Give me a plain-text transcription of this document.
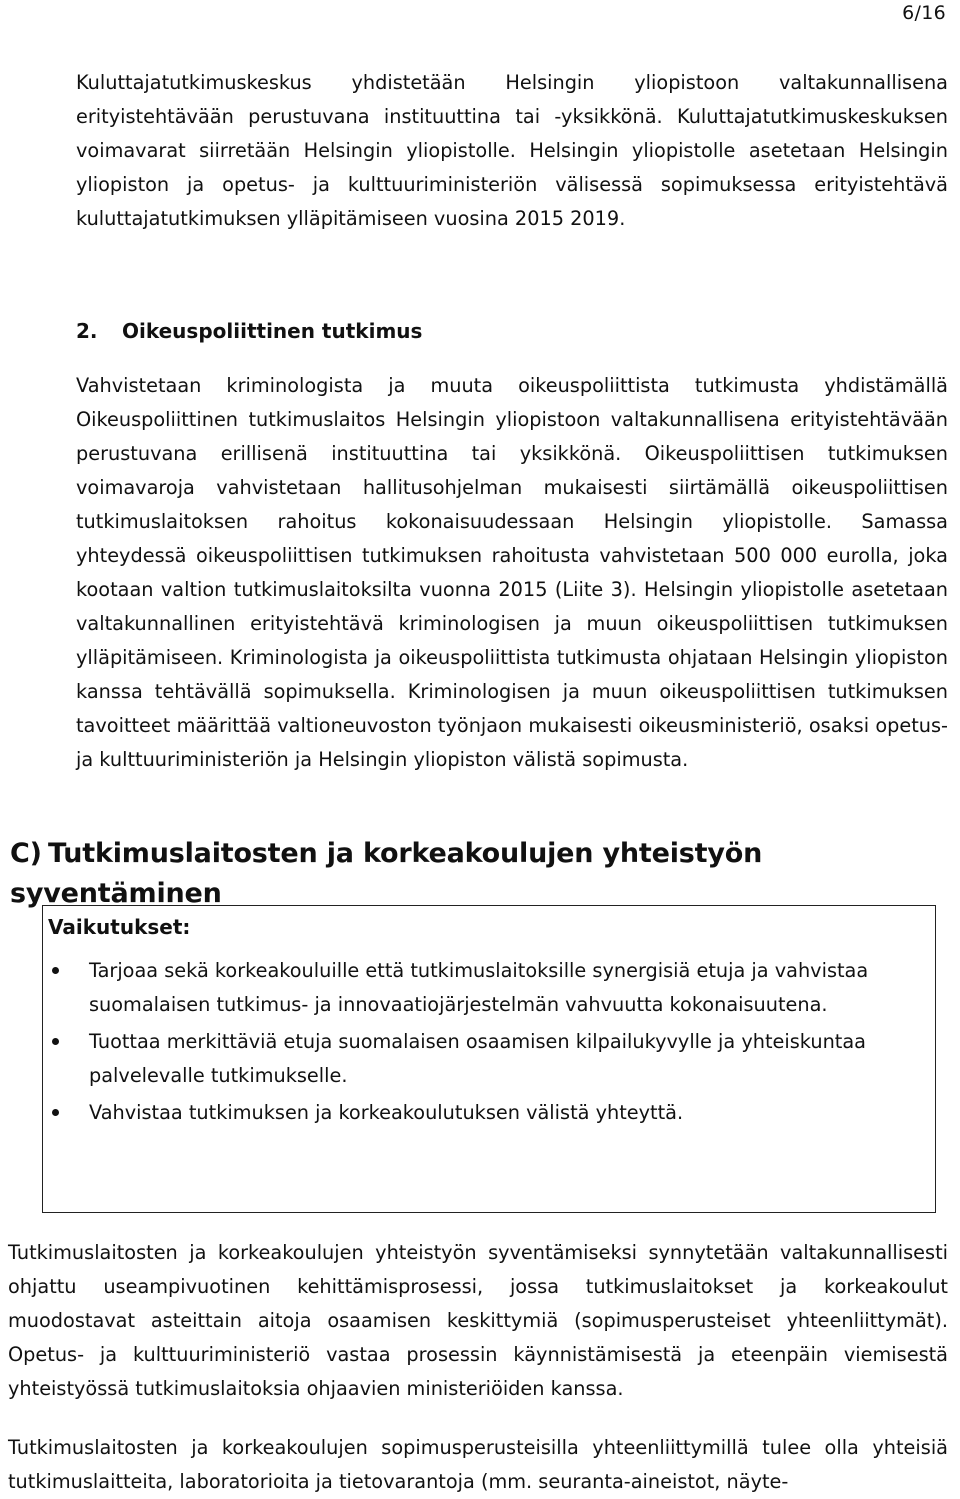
6/16

Kuluttajatutkimuskeskus yhdistetään Helsingin yliopistoon valtakunnallisena erityistehtävään perustuvana instituuttina tai -yksikkönä. Kuluttajatutkimuskeskuksen voimavarat siirretään Helsingin yliopistolle. Helsingin yliopistolle asetetaan Helsingin yliopiston ja opetus- ja kulttuuriministeriön välisessä sopimuksessa erityistehtävä kuluttajatutkimuksen ylläpitämiseen vuosina 2015 2019.

2. Oikeuspoliittinen tutkimus

Vahvistetaan kriminologista ja muuta oikeuspoliittista tutkimusta yhdistämällä Oikeuspoliittinen tutkimuslaitos Helsingin yliopistoon valtakunnallisena erityistehtävään perustuvana erillisenä instituuttina tai yksikkönä. Oikeuspoliittisen tutkimuksen voimavaroja vahvistetaan hallitusohjelman mukaisesti siirtämällä oikeuspoliittisen tutkimuslaitoksen rahoitus kokonaisuudessaan Helsingin yliopistolle. Samassa yhteydessä oikeuspoliittisen tutkimuksen rahoitusta vahvistetaan 500 000 eurolla, joka kootaan valtion tutkimuslaitoksilta vuonna 2015 (Liite 3). Helsingin yliopistolle asetetaan valtakunnallinen erityistehtävä kriminologisen ja muun oikeuspoliittisen tutkimuksen ylläpitämiseen. Kriminologista ja oikeuspoliittista tutkimusta ohjataan Helsingin yliopiston kanssa tehtävällä sopimuksella. Kriminologisen ja muun oikeuspoliittisen tutkimuksen tavoitteet määrittää valtioneuvoston työnjaon mukaisesti oikeusministeriö, osaksi opetus- ja kulttuuriministeriön ja Helsingin yliopiston välistä sopimusta.

C) Tutkimuslaitosten ja korkeakoulujen yhteistyön syventäminen
Vaikutukset:
Tarjoaa sekä korkeakouluille että tutkimuslaitoksille synergisiä etuja ja vahvistaa suomalaisen tutkimus- ja innovaatiojärjestelmän vahvuutta kokonaisuutena.
Tuottaa merkittäviä etuja suomalaisen osaamisen kilpailukyvylle ja yhteiskuntaa palvelevalle tutkimukselle.
Vahvistaa tutkimuksen ja korkeakoulutuksen välistä yhteyttä.

Tutkimuslaitosten ja korkeakoulujen yhteistyön syventämiseksi synnytetään valtakunnallisesti ohjattu useampivuotinen kehittämisprosessi, jossa tutkimuslaitokset ja korkeakoulut muodostavat asteittain aitoja osaamisen keskittymiä (sopimusperusteiset yhteenliittymät). Opetus- ja kulttuuriministeriö vastaa prosessin käynnistämisestä ja eteenpäin viemisestä yhteistyössä tutkimuslaitoksia ohjaavien ministeriöiden kanssa.

Tutkimuslaitosten ja korkeakoulujen sopimusperusteisilla yhteenliittymillä tulee olla yhteisiä tutkimuslaitteita, laboratorioita ja tietovarantoja (mm. seuranta-aineistot, näyte-
